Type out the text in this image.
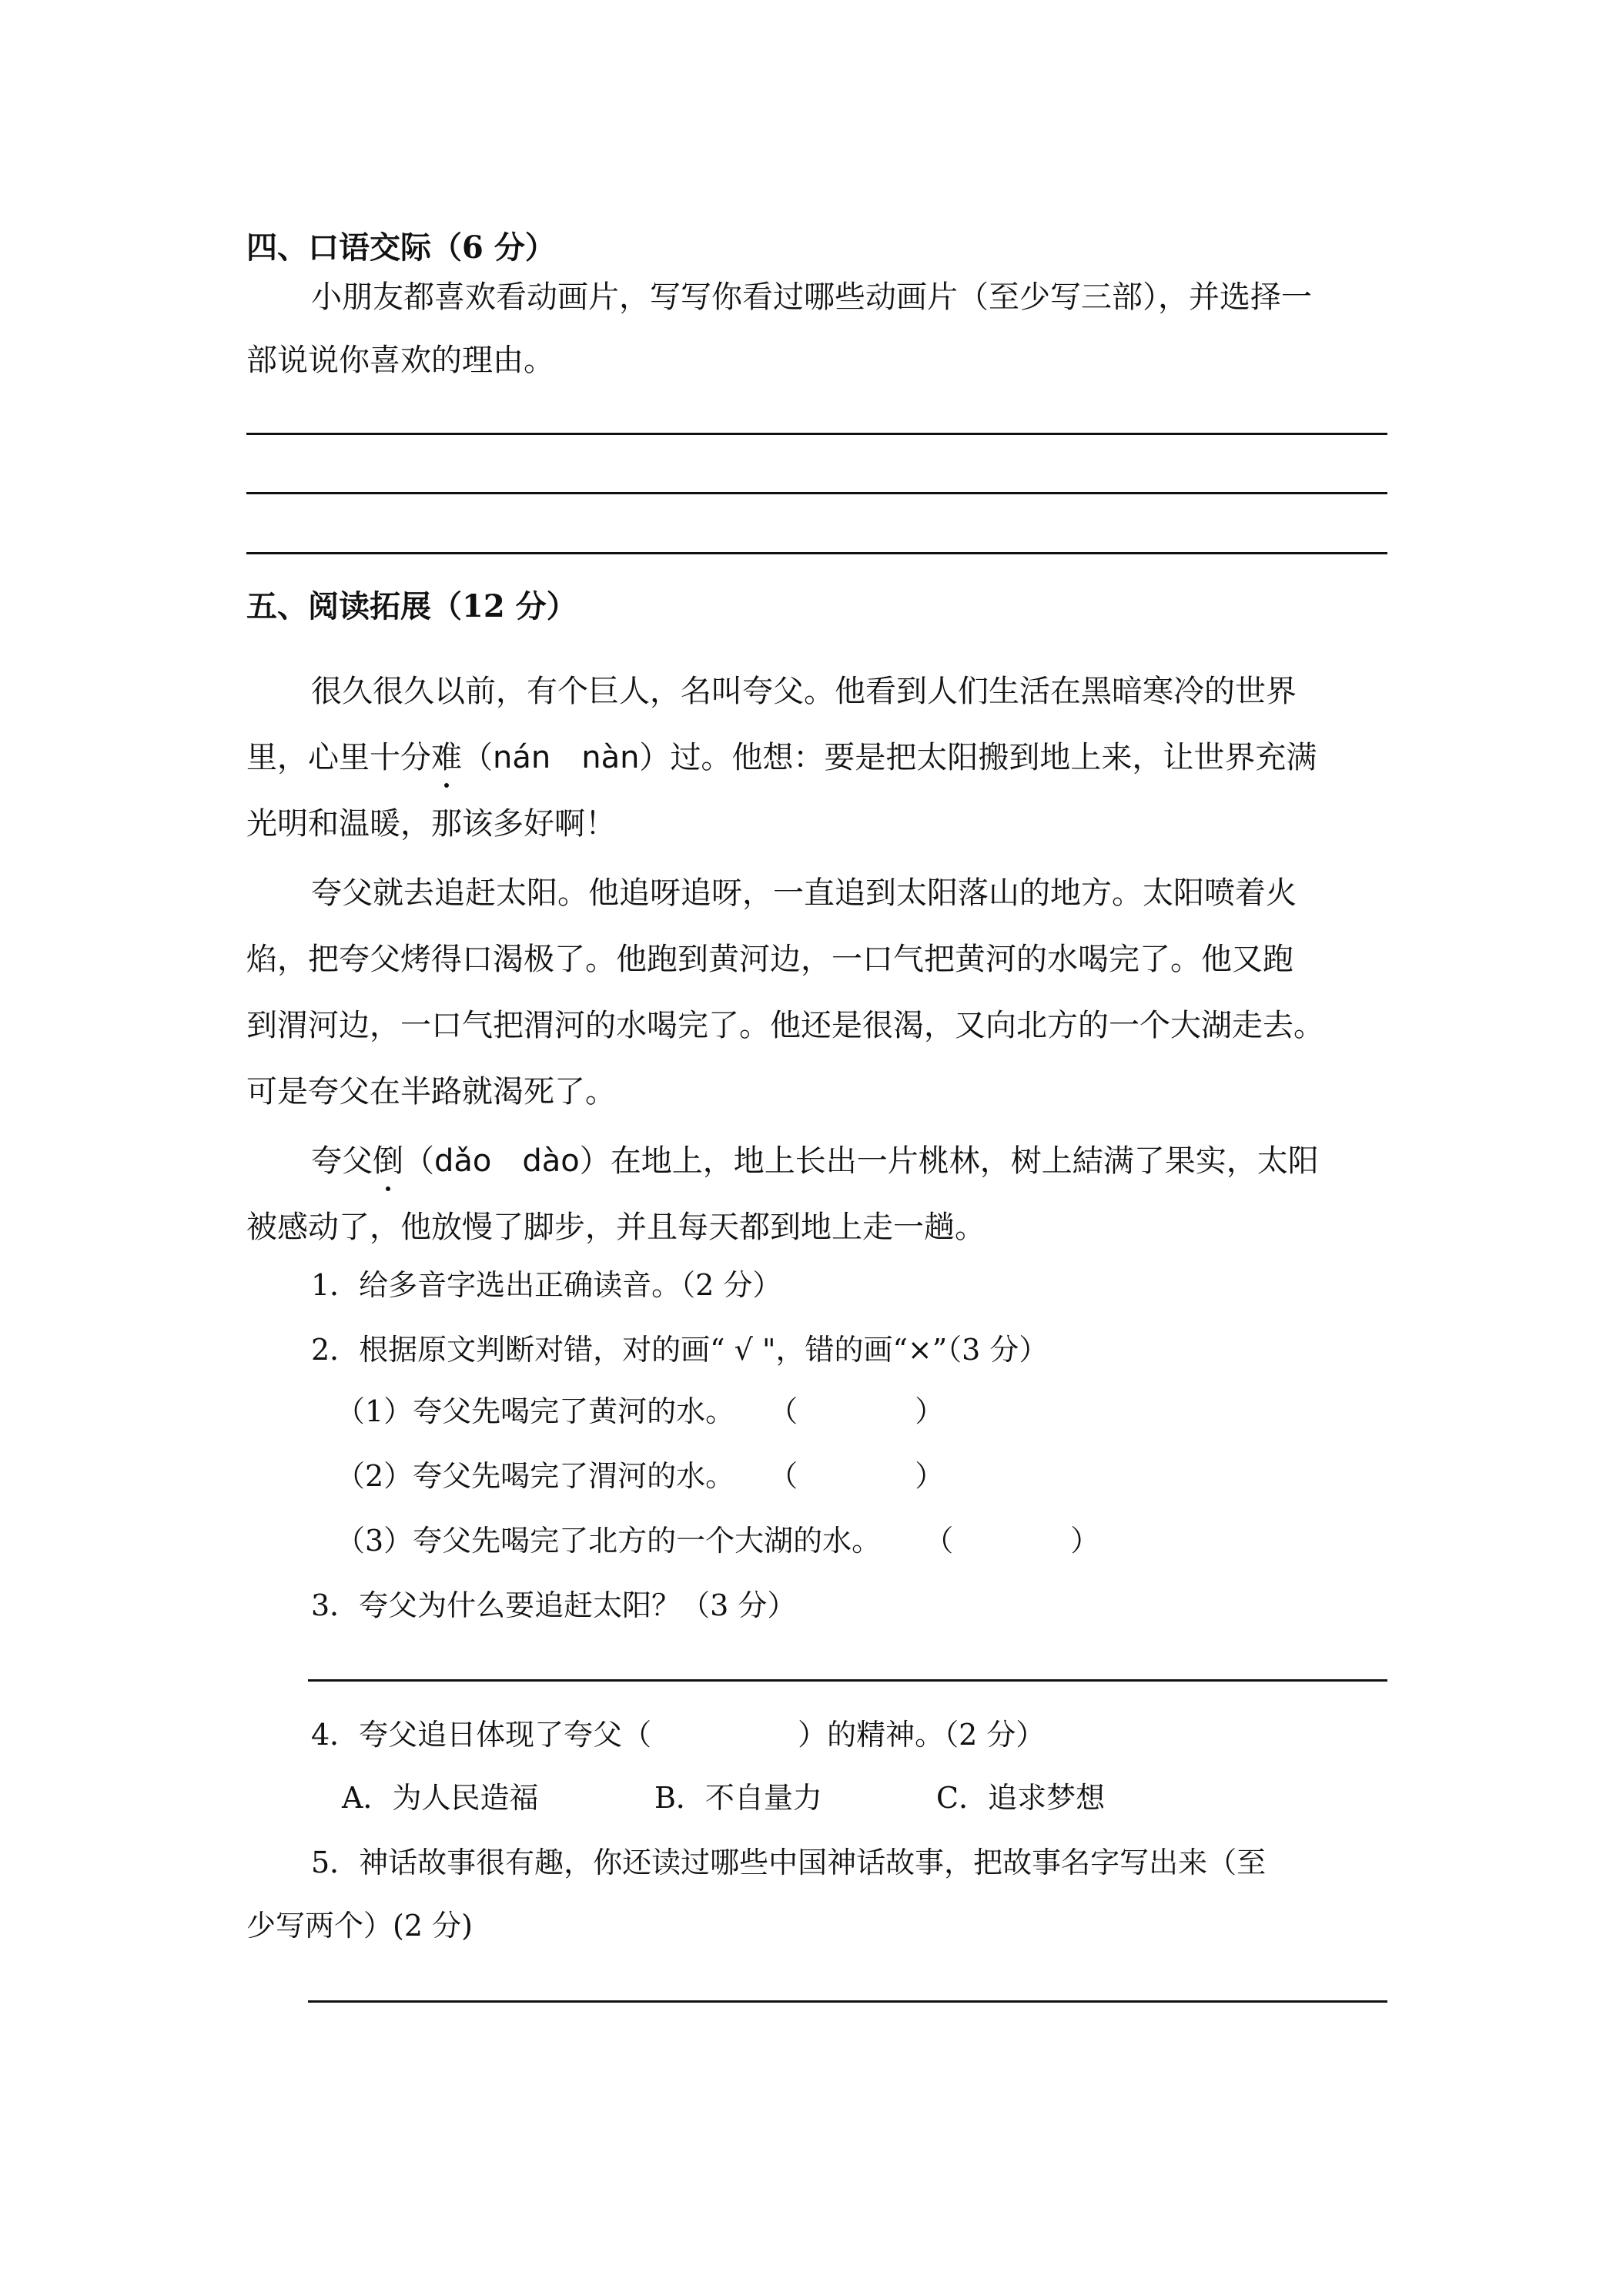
四、口语交际（6 分）
小朋友都喜欢看动画片，写写你看过哪些动画片（至少写三部），并选择一
部说说你喜欢的理由。
五、阅读拓展（12 分）
很久很久以前，有个巨人，名叫夸父。他看到人们生活在黑暗寒冷的世界
里，心里十分难（nán　nàn）过。他想：要是把太阳搬到地上来，让世界充满
光明和温暖，那该多好啊！
夸父就去追赶太阳。他追呀追呀，一直追到太阳落山的地方。太阳喷着火
焰，把夸父烤得口渴极了。他跑到黄河边，一口气把黄河的水喝完了。他又跑
到渭河边，一口气把渭河的水喝完了。他还是很渴，又向北方的一个大湖走去。
可是夸父在半路就渴死了。
夸父倒（dǎo　dào）在地上，地上长出一片桃林，树上結满了果实，太阳
被感动了，他放慢了脚步，并且每天都到地上走一趟。
1．给多音字选出正确读音。（2 分）
2．根据原文判断对错，对的画“ √ "，错的画“×”（3 分）
（1）夸父先喝完了黄河的水。 （　　　　）
（2）夸父先喝完了渭河的水。 （　　　　）
（3）夸父先喝完了北方的一个大湖的水。 （　　　　）
3．夸父为什么要追赶太阳？（3 分）
4．夸父追日体现了夸父（　　　　　）的精神。（2 分）
A．为人民造福	B．不自量力	C．追求梦想
5．神话故事很有趣，你还读过哪些中国神话故事，把故事名字写出来（至
少写两个）(2 分)
